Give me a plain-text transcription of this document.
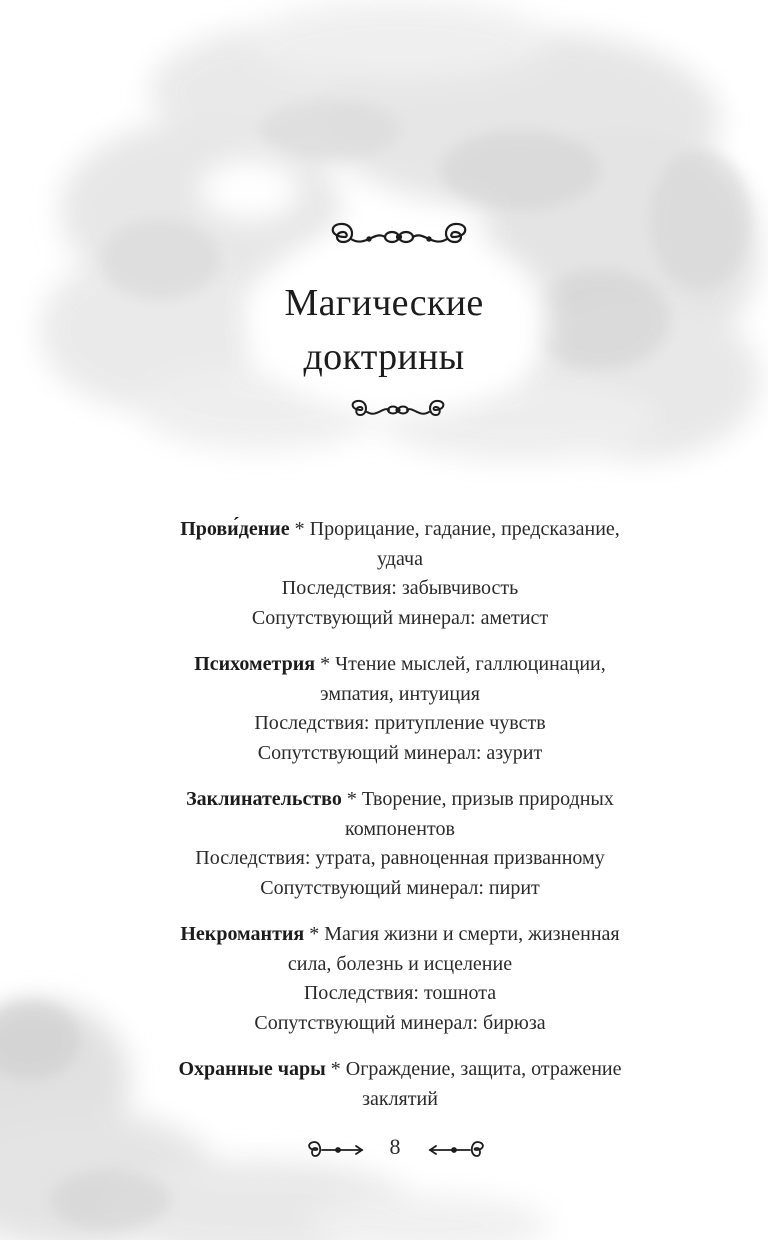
Магические
доктрины
Прови́дение * Прорицание, гадание, предсказание,
удача
Последствия: забывчивость
Сопутствующий минерал: аметист
Психометрия * Чтение мыслей, галлюцинации,
эмпатия, интуиция
Последствия: притупление чувств
Сопутствующий минерал: азурит
Заклинательство * Творение, призыв природных
компонентов
Последствия: утрата, равноценная призванному
Сопутствующий минерал: пирит
Некромантия * Магия жизни и смерти, жизненная
сила, болезнь и исцеление
Последствия: тошнота
Сопутствующий минерал: бирюза
Охранные чары * Ограждение, защита, отражение
заклятий
8
